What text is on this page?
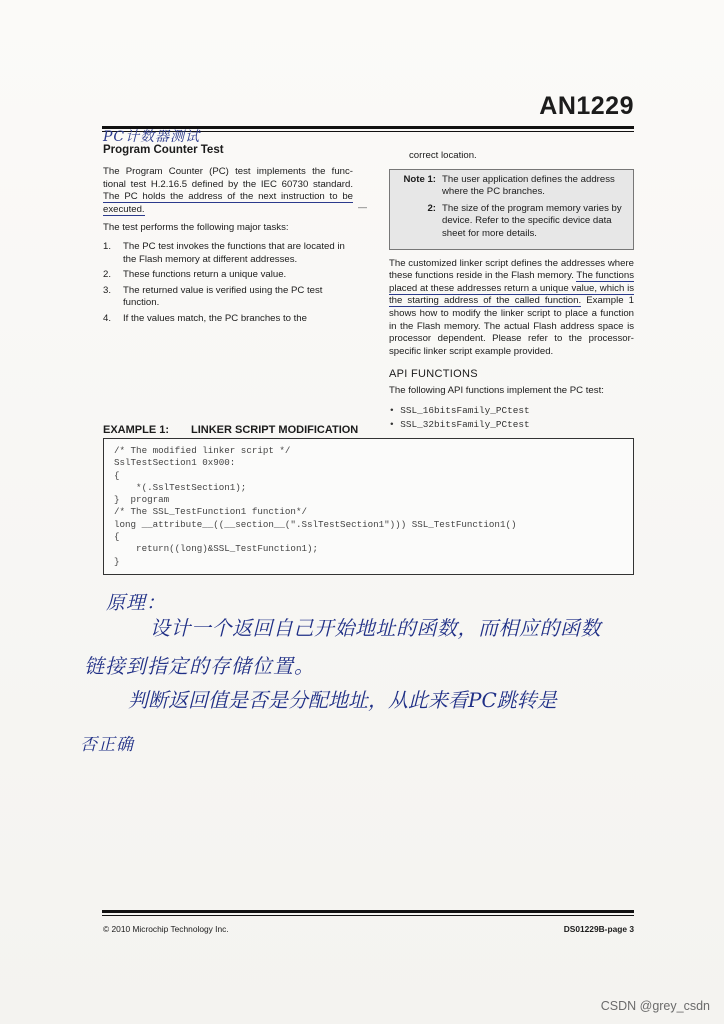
AN1229
PC计数器测试
Program Counter Test
The Program Counter (PC) test implements the func- tional test H.2.16.5 defined by the IEC 60730 standard. The PC holds the address of the next instruction to be executed.
The test performs the following major tasks:
1. The PC test invokes the functions that are located in the Flash memory at different addresses.
2. These functions return a unique value.
3. The returned value is verified using the PC test function.
4. If the values match, the PC branches to the
—
correct location.
Note 1: The user application defines the address where the PC branches.
2: The size of the program memory varies by device. Refer to the specific device data sheet for more details.
The customized linker script defines the addresses where these functions reside in the Flash memory. The functions placed at these addresses return a unique value, which is the starting address of the called function. Example 1 shows how to modify the linker script to place a function in the Flash memory. The actual Flash address space is processor dependent. Please refer to the processor-specific linker script example provided.
API FUNCTIONS
The following API functions implement the PC test:
• SSL_16bitsFamily_PCtest
• SSL_32bitsFamily_PCtest
EXAMPLE 1: LINKER SCRIPT MODIFICATION
/* The modified linker script */
SslTestSection1 0x900:
{
*(.SslTestSection1);
}  program
/* The SSL_TestFunction1 function*/
long __attribute__((__section__(".SslTestSection1"))) SSL_TestFunction1()
{
return((long)&SSL_TestFunction1);
}
原理：
设计一个返回自己开始地址的函数，而相应的函数
链接到指定的存储位置。
判断返回值是否是分配地址，从此来看PC跳转是
否正确
© 2010 Microchip Technology Inc.	DS01229B-page 3
CSDN @grey_csdn
